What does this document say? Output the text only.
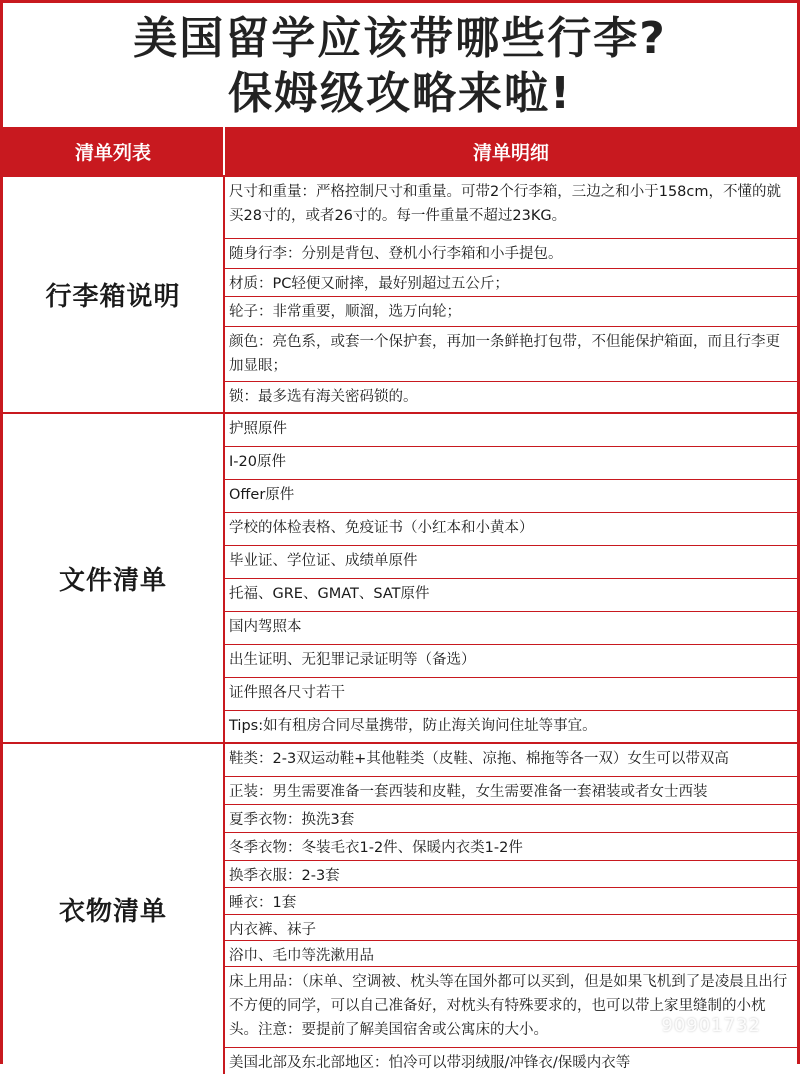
美国留学应该带哪些行李?
保姆级攻略来啦!
清单列表	清单明细
行李箱说明
尺寸和重量：严格控制尺寸和重量。可带2个行李箱，三边之和小于158cm，不懂的就买28寸的，或者26寸的。每一件重量不超过23KG。
随身行李：分别是背包、登机小行李箱和小手提包。
材质：PC轻便又耐摔，最好别超过五公斤；
轮子：非常重要，顺溜，选万向轮；
颜色：亮色系，或套一个保护套，再加一条鲜艳打包带，不但能保护箱面，而且行李更加显眼；
锁：最多选有海关密码锁的。
文件清单
护照原件
I-20原件
Offer原件
学校的体检表格、免疫证书（小红本和小黄本）
毕业证、学位证、成绩单原件
托福、GRE、GMAT、SAT原件
国内驾照本
出生证明、无犯罪记录证明等（备选）
证件照各尺寸若干
Tips:如有租房合同尽量携带，防止海关询问住址等事宜。
衣物清单
鞋类：2-3双运动鞋+其他鞋类（皮鞋、凉拖、棉拖等各一双）女生可以带双高
正装：男生需要准备一套西装和皮鞋，女生需要准备一套裙装或者女士西装
夏季衣物：换洗3套
冬季衣物：冬装毛衣1-2件、保暖内衣类1-2件
换季衣服：2-3套
睡衣：1套
内衣裤、袜子
浴巾、毛巾等洗漱用品
床上用品：（床单、空调被、枕头等在国外都可以买到，但是如果飞机到了是凌晨且出行不方便的同学，可以自己准备好，对枕头有特殊要求的，也可以带上家里缝制的小枕头。注意：要提前了解美国宿舍或公寓床的大小。
美国北部及东北部地区：怕冷可以带羽绒服/冲锋衣/保暖内衣等
90901732
